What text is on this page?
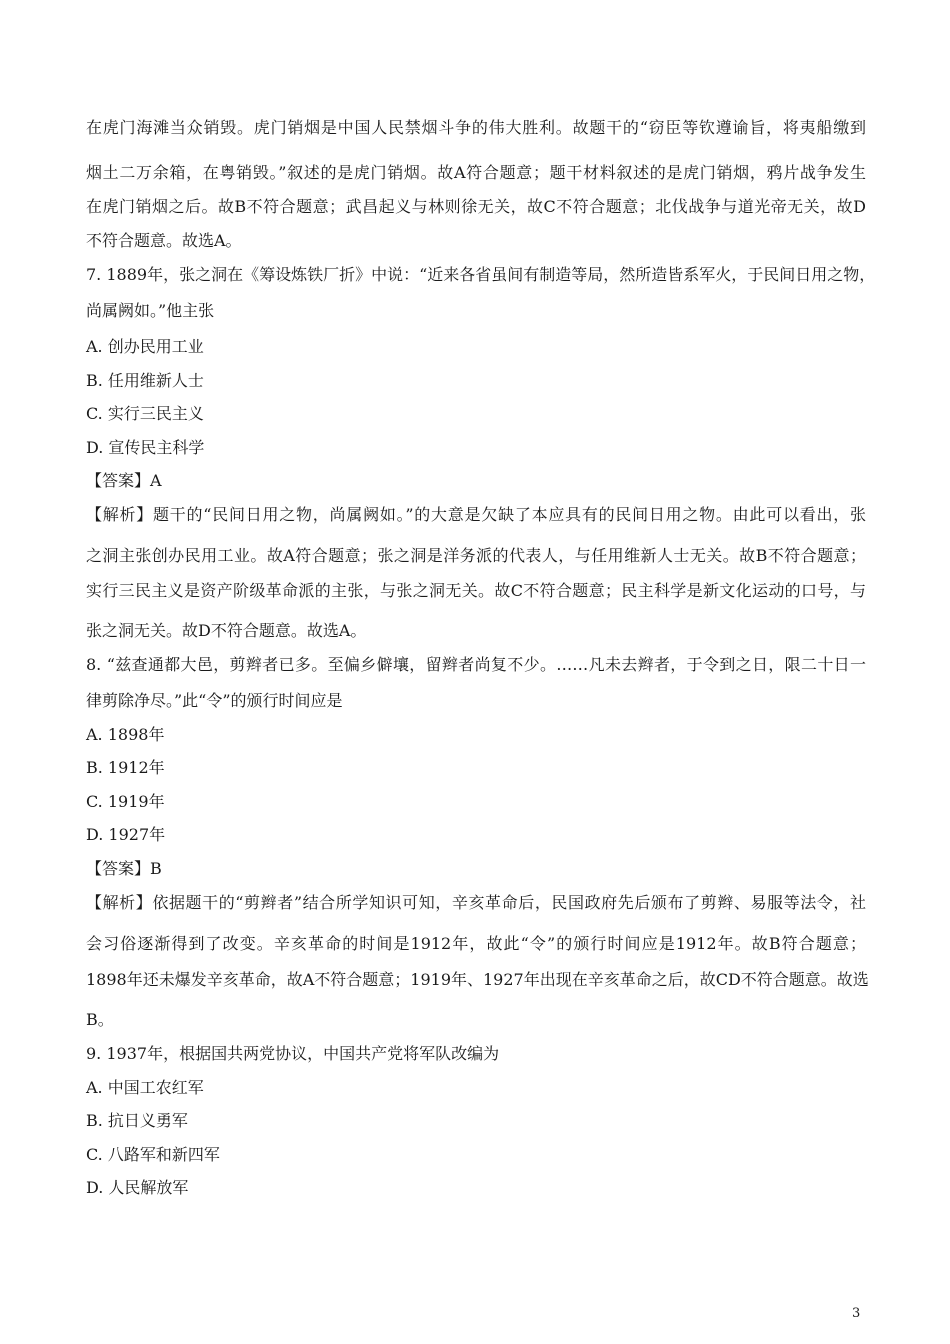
在虎门海滩当众销毁。虎门销烟是中国人民禁烟斗争的伟大胜利。故题干的“窃臣等钦遵谕旨，将夷船缴到
烟土二万余箱，在粤销毁。”叙述的是虎门销烟。故A符合题意；题干材料叙述的是虎门销烟，鸦片战争发生
在虎门销烟之后。故B不符合题意；武昌起义与林则徐无关，故C不符合题意；北伐战争与道光帝无关，故D
不符合题意。故选A。
7. 1889年，张之洞在《筹设炼铁厂折》中说：“近来各省虽间有制造等局，然所造皆系军火，于民间日用之物，
尚属阙如。”他主张
A. 创办民用工业
B. 任用维新人士
C. 实行三民主义
D. 宣传民主科学
【答案】A
【解析】题干的“民间日用之物，尚属阙如。”的大意是欠缺了本应具有的民间日用之物。由此可以看出，张
之洞主张创办民用工业。故A符合题意；张之洞是洋务派的代表人，与任用维新人士无关。故B不符合题意；
实行三民主义是资产阶级革命派的主张，与张之洞无关。故C不符合题意；民主科学是新文化运动的口号，与
张之洞无关。故D不符合题意。故选A。
8. “兹查通都大邑，剪辫者已多。至偏乡僻壤，留辫者尚复不少。……凡未去辫者，于令到之日，限二十日一
律剪除净尽。”此“令”的颁行时间应是
A. 1898年
B. 1912年
C. 1919年
D. 1927年
【答案】B
【解析】依据题干的“剪辫者”结合所学知识可知，辛亥革命后，民国政府先后颁布了剪辫、易服等法令，社
会习俗逐渐得到了改变。辛亥革命的时间是1912年，故此“令”的颁行时间应是1912年。故B符合题意；
1898年还未爆发辛亥革命，故A不符合题意；1919年、1927年出现在辛亥革命之后，故CD不符合题意。故选
B。
9. 1937年，根据国共两党协议，中国共产党将军队改编为
A. 中国工农红军
B. 抗日义勇军
C. 八路军和新四军
D. 人民解放军
3
